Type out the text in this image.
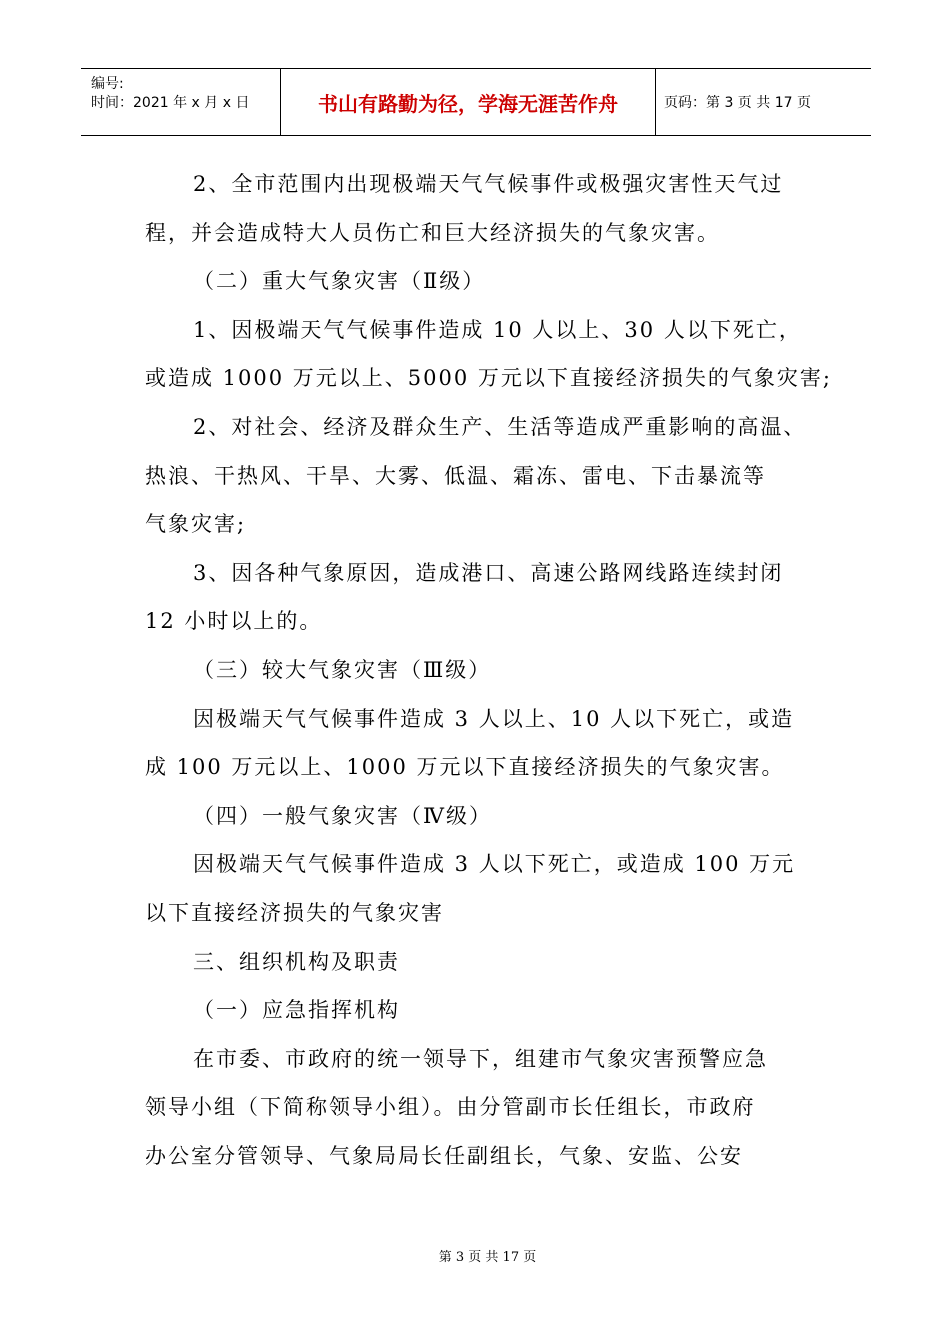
编号:
时间：2021 年 x 月 x 日	书山有路勤为径，学海无涯苦作舟	页码：第 3 页 共 17 页
2、全市范围内出现极端天气气候事件或极强灾害性天气过
程，并会造成特大人员伤亡和巨大经济损失的气象灾害。
（二）重大气象灾害（Ⅱ级）
1、因极端天气气候事件造成 10 人以上、30 人以下死亡，
或造成 1000 万元以上、5000 万元以下直接经济损失的气象灾害;
2、对社会、经济及群众生产、生活等造成严重影响的高温、
热浪、干热风、干旱、大雾、低温、霜冻、雷电、下击暴流等
气象灾害;
3、因各种气象原因，造成港口、高速公路网线路连续封闭
12 小时以上的。
（三）较大气象灾害（Ⅲ级）
因极端天气气候事件造成 3 人以上、10 人以下死亡，或造
成 100 万元以上、1000 万元以下直接经济损失的气象灾害。
（四）一般气象灾害（Ⅳ级）
因极端天气气候事件造成 3 人以下死亡，或造成 100 万元
以下直接经济损失的气象灾害
三、组织机构及职责
（一）应急指挥机构
在市委、市政府的统一领导下，组建市气象灾害预警应急
领导小组（下简称领导小组）。由分管副市长任组长，市政府
办公室分管领导、气象局局长任副组长，气象、安监、公安
第 3 页 共 17 页
